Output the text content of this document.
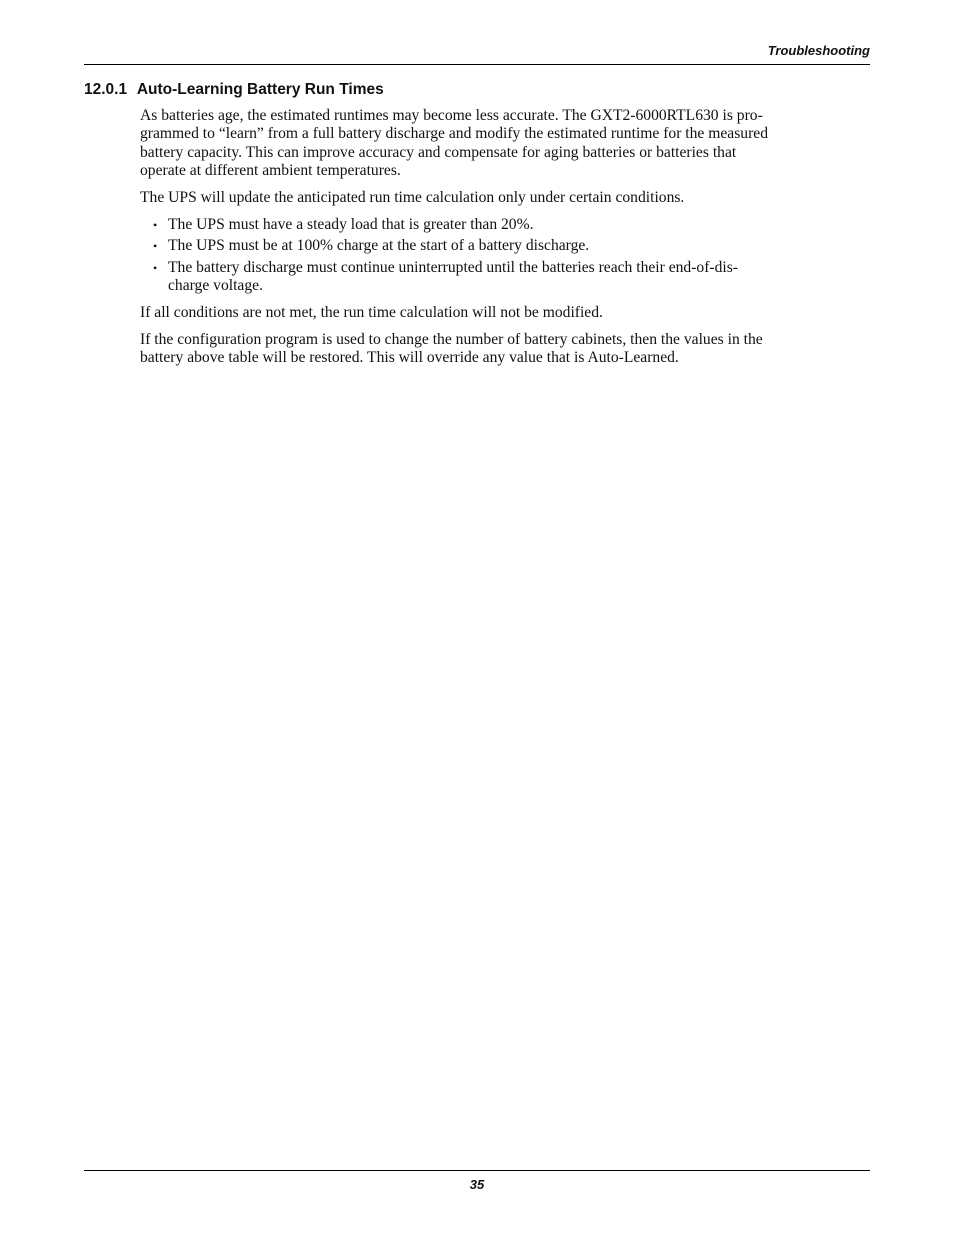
Troubleshooting
12.0.1 Auto-Learning Battery Run Times

As batteries age, the estimated runtimes may become less accurate. The GXT2-6000RTL630 is pro-
grammed to “learn” from a full battery discharge and modify the estimated runtime for the measured
battery capacity. This can improve accuracy and compensate for aging batteries or batteries that
operate at different ambient temperatures.

The UPS will update the anticipated run time calculation only under certain conditions.

• The UPS must have a steady load that is greater than 20%.
• The UPS must be at 100% charge at the start of a battery discharge.
• The battery discharge must continue uninterrupted until the batteries reach their end-of-dis-
charge voltage.

If all conditions are not met, the run time calculation will not be modified.

If the configuration program is used to change the number of battery cabinets, then the values in the
battery above table will be restored. This will override any value that is Auto-Learned.

35
